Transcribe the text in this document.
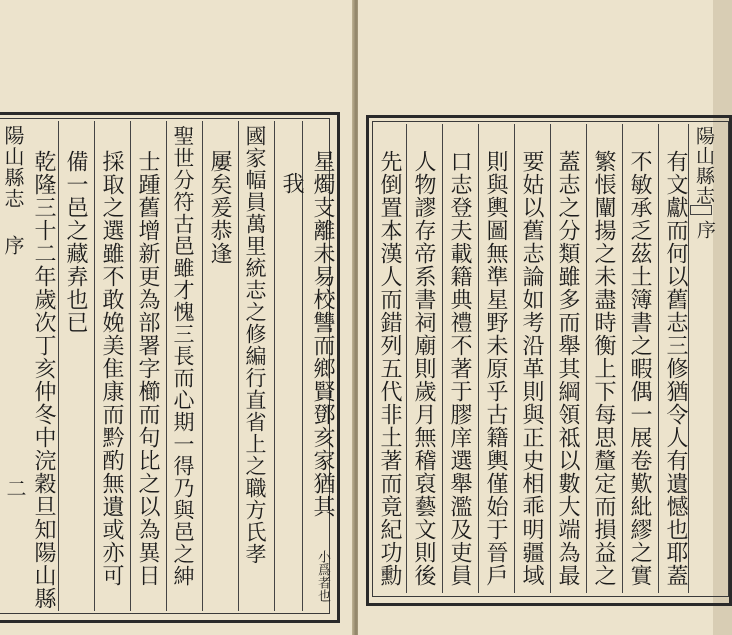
陽山縣志
序
二	星燭支離未易校讐而鄉賢鄧亥家猶其
我
國家幅員萬里統志之修編行直省上之職方氏孝
屢矣爰恭逢
聖世分符古邑雖才愧三長而心期一得乃與邑之紳
士踵舊增新更為部署字櫛而句比之以為異日
採取之選雖不敢娩美隹康而黔酌無遺或亦可
備一邑之藏弆也已
乾隆三十二年歲次丁亥仲冬中浣穀旦知陽山縣	小爲者也
陽山縣志
序
有文獻而何以舊志三修猶令人有遺憾也耶蓋
不敏承乏茲土簿書之暇偶一展卷歎紕繆之實
繁悵闡揚之未盡時衡上下每思釐定而損益之
蓋志之分類雖多而舉其綱領祗以數大端為最
要姑以舊志論如考沿革則與正史相乖明疆域
則與輿圖無準星野未原乎古籍輿僅始于晉戶
口志登夫載籍典禮不著于膠庠選舉濫及吏員
人物謬存帝系書祠廟則歲月無稽裒藝文則後
先倒置本漢人而錯列五代非土著而竟紀功勳
